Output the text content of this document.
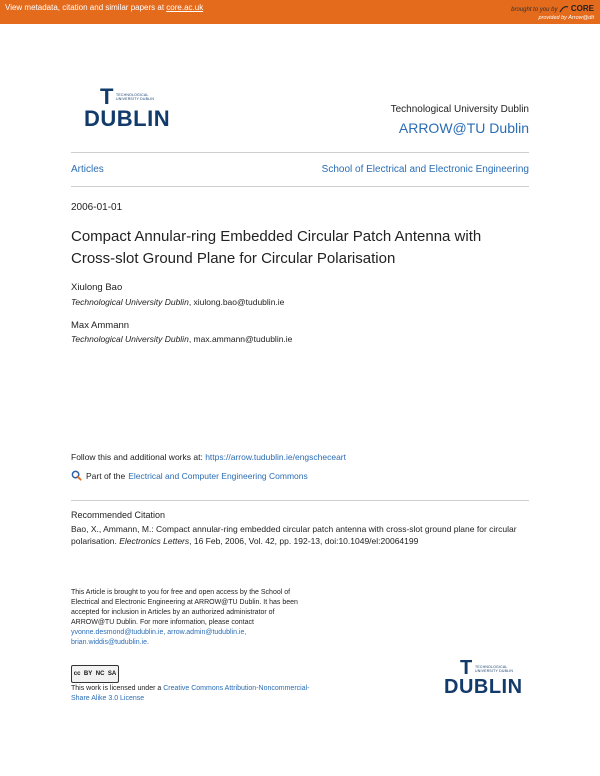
View metadata, citation and similar papers at core.ac.uk	brought to you by CORE
provided by Arrow@dit
T TECHNOLOGICAL
UNIVERSITY DUBLIN
DUBLIN	Technological University Dublin
ARROW@TU Dublin
Articles	School of Electrical and Electronic Engineering
2006-01-01
Compact Annular-ring Embedded Circular Patch Antenna with Cross-slot Ground Plane for Circular Polarisation
Xiulong Bao
Technological University Dublin, xiulong.bao@tudublin.ie
Max Ammann
Technological University Dublin, max.ammann@tudublin.ie
Follow this and additional works at: https://arrow.tudublin.ie/engscheceart
Part of the Electrical and Computer Engineering Commons
Recommended Citation
Bao, X., Ammann, M.: Compact annular-ring embedded circular patch antenna with cross-slot ground plane for circular polarisation. Electronics Letters, 16 Feb, 2006, Vol. 42, pp. 192-13, doi:10.1049/el:20064199
This Article is brought to you for free and open access by the School of Electrical and Electronic Engineering at ARROW@TU Dublin. It has been accepted for inclusion in Articles by an authorized administrator of ARROW@TU Dublin. For more information, please contact
yvonne.desmond@tudublin.ie, arrow.admin@tudublin.ie, brian.widdis@tudublin.ie.
cc BY NC SA
This work is licensed under a Creative Commons Attribution-Noncommercial-Share Alike 3.0 License
T TECHNOLOGICAL
UNIVERSITY DUBLIN
DUBLIN
